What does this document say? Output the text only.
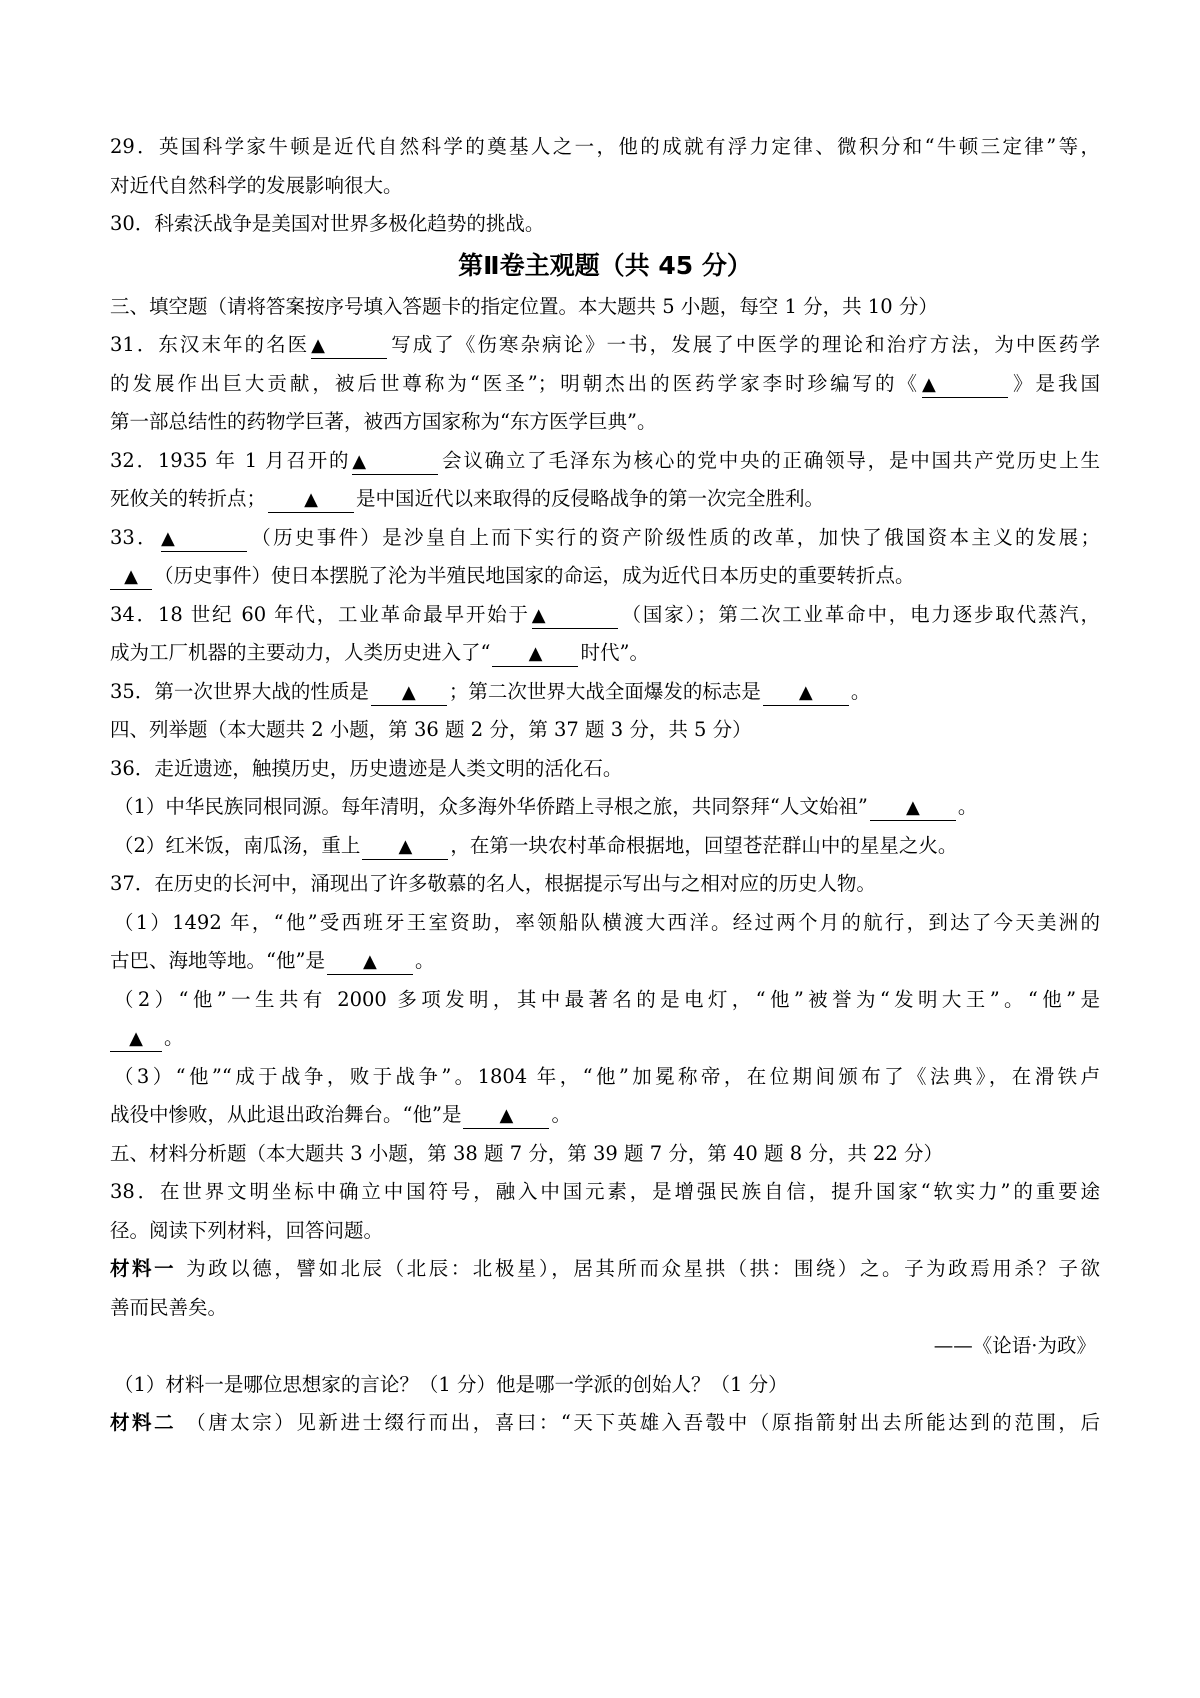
29．英国科学家牛顿是近代自然科学的奠基人之一，他的成就有浮力定律、微积分和“牛顿三定律”等，
对近代自然科学的发展影响很大。
30．科索沃战争是美国对世界多极化趋势的挑战。
第Ⅱ卷主观题（共 45 分）
三、填空题（请将答案按序号填入答题卡的指定位置。本大题共 5 小题，每空 1 分，共 10 分）
31．东汉末年的名医 ▲	写成了《伤寒杂病论》一书，发展了中医学的理论和治疗方法，为中医药学
的发展作出巨大贡献，被后世尊称为“医圣”；明朝杰出的医药学家李时珍编写的《 ▲	》是我国
第一部总结性的药物学巨著，被西方国家称为“东方医学巨典”。
32．1935 年 1 月召开的 ▲	会议确立了毛泽东为核心的党中央的正确领导，是中国共产党历史上生
死攸关的转折点； ▲ 是中国近代以来取得的反侵略战争的第一次完全胜利。
33． ▲	（历史事件）是沙皇自上而下实行的资产阶级性质的改革，加快了俄国资本主义的发展；
▲ （历史事件）使日本摆脱了沦为半殖民地国家的命运，成为近代日本历史的重要转折点。
34．18 世纪 60 年代，工业革命最早开始于 ▲	（国家）；第二次工业革命中，电力逐步取代蒸汽，
成为工厂机器的主要动力，人类历史进入了“ ▲ 时代”。
35．第一次世界大战的性质是 ▲ ；第二次世界大战全面爆发的标志是 ▲ 。
四、列举题（本大题共 2 小题，第 36 题 2 分，第 37 题 3 分，共 5 分）
36．走近遗迹，触摸历史，历史遗迹是人类文明的活化石。
（1）中华民族同根同源。每年清明，众多海外华侨踏上寻根之旅，共同祭拜“人文始祖” ▲ 。
（2）红米饭，南瓜汤，重上 ▲ ，在第一块农村革命根据地，回望苍茫群山中的星星之火。
37．在历史的长河中，涌现出了许多敬慕的名人，根据提示写出与之相对应的历史人物。
（1）1492 年，“他”受西班牙王室资助，率领船队横渡大西洋。经过两个月的航行，到达了今天美洲的
古巴、海地等地。“他”是 ▲ 。
（2）“他”一生共有 2000 多项发明，其中最著名的是电灯，“他”被誉为“发明大王”。“他”是
▲ 。
（3）“他”“成于战争，败于战争”。1804 年，“他”加冕称帝，在位期间颁布了《法典》，在滑铁卢
战役中惨败，从此退出政治舞台。“他”是 ▲ 。
五、材料分析题（本大题共 3 小题，第 38 题 7 分，第 39 题 7 分，第 40 题 8 分，共 22 分）
38．在世界文明坐标中确立中国符号，融入中国元素，是增强民族自信，提升国家“软实力”的重要途
径。阅读下列材料，回答问题。
材料一 为政以德，譬如北辰（北辰：北极星），居其所而众星拱（拱：围绕）之。子为政焉用杀？子欲
善而民善矣。
——《论语·为政》
（1）材料一是哪位思想家的言论？（1 分）他是哪一学派的创始人？（1 分）
材料二 （唐太宗）见新进士缀行而出，喜曰：“天下英雄入吾彀中（原指箭射出去所能达到的范围，后
